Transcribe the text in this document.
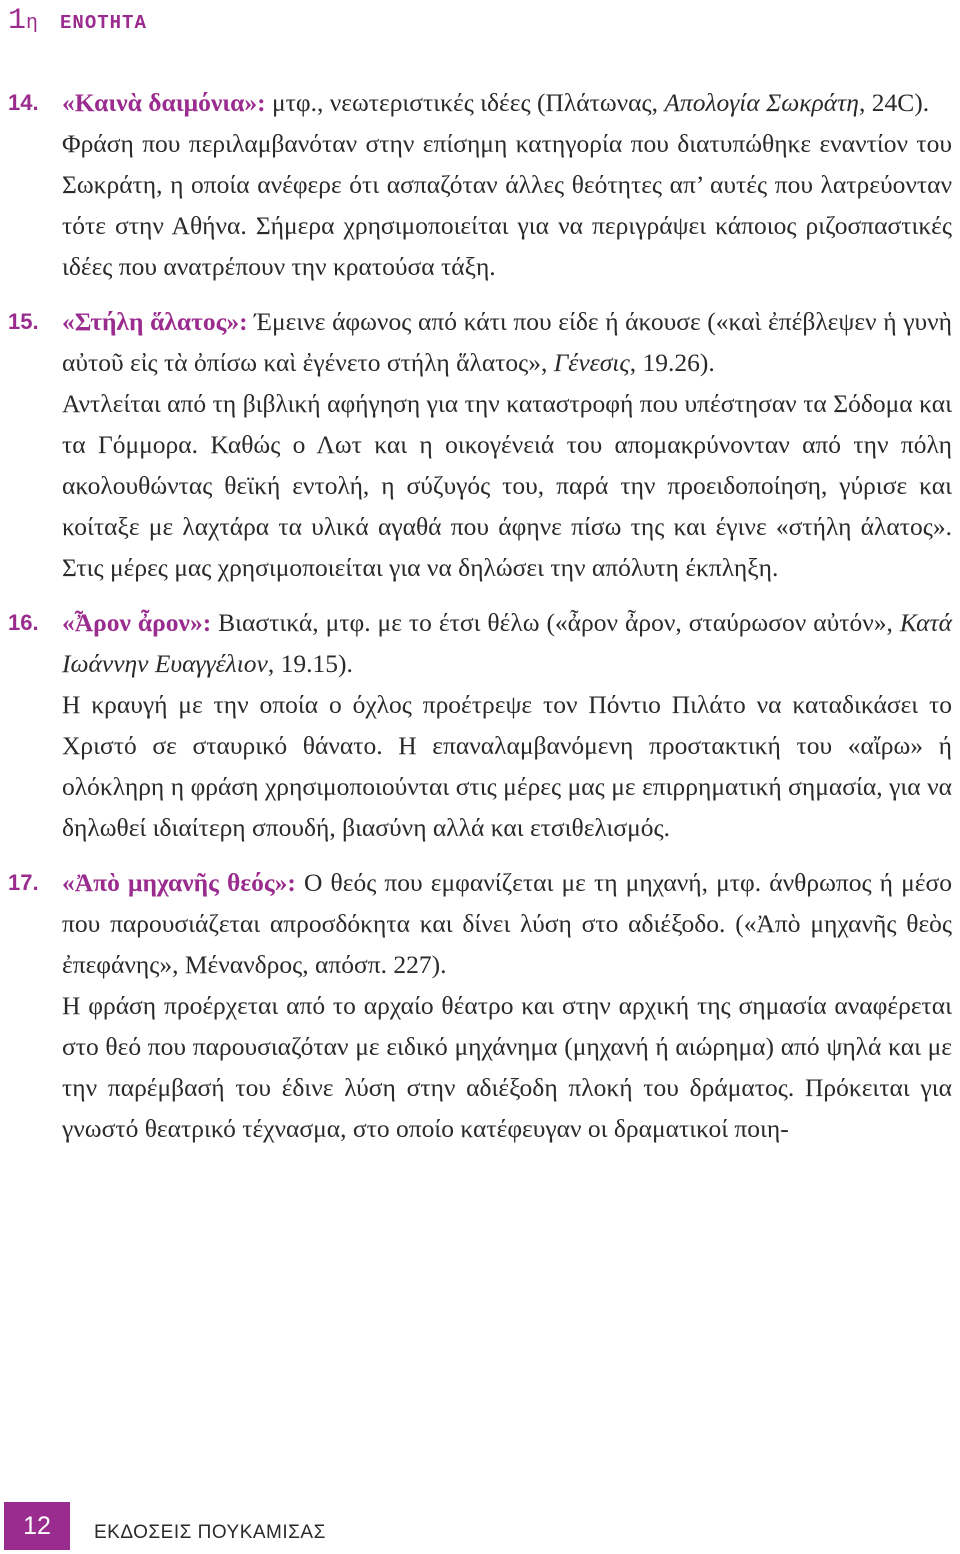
1 η ΕΝΟΤΗΤΑ
14. «Καινὰ δαιμόνια»: μτφ., νεωτεριστικές ιδέες (Πλάτωνας, Απολογία Σωκράτη, 24C).

Φράση που περιλαμβανόταν στην επίσημη κατηγορία που διατυπώθηκε εναντίον του Σωκράτη, η οποία ανέφερε ότι ασπαζόταν άλλες θεότητες απ’ αυτές που λατρεύονταν τότε στην Αθήνα. Σήμερα χρησιμοποιείται για να περιγράψει κάποιος ριζοσπαστικές ιδέες που ανατρέπουν την κρατούσα τάξη.

15. «Στήλη ἅλατος»: Έμεινε άφωνος από κάτι που είδε ή άκουσε («καὶ ἐπέβλεψεν ἡ γυνὴ αὐτοῦ εἰς τὰ ὀπίσω καὶ ἐγένετο στήλη ἅλατος», Γένεσις, 19.26).

Αντλείται από τη βιβλική αφήγηση για την καταστροφή που υπέστησαν τα Σόδομα και τα Γόμμορα. Καθώς ο Λωτ και η οικογένειά του απομακρύνονταν από την πόλη ακολουθώντας θεϊκή εντολή, η σύζυγός του, παρά την προειδοποίηση, γύρισε και κοίταξε με λαχτάρα τα υλικά αγαθά που άφηνε πίσω της και έγινε «στήλη άλατος». Στις μέρες μας χρησιμοποιείται για να δηλώσει την απόλυτη έκπληξη.

16. «Ἆρον ἆρον»: Βιαστικά, μτφ. με το έτσι θέλω («ἆρον ἆρον, σταύρωσον αὐτόν», Κατά Ιωάννην Ευαγγέλιον, 19.15).

Η κραυγή με την οποία ο όχλος προέτρεψε τον Πόντιο Πιλάτο να καταδικάσει το Χριστό σε σταυρικό θάνατο. Η επαναλαμβανόμενη προστακτική του «αἴρω» ή ολόκληρη η φράση χρησιμοποιούνται στις μέρες μας με επιρρηματική σημασία, για να δηλωθεί ιδιαίτερη σπουδή, βιασύνη αλλά και ετσιθελισμός.

17. «Ἀπὸ μηχανῆς θεός»: Ο θεός που εμφανίζεται με τη μηχανή, μτφ. άνθρωπος ή μέσο που παρουσιάζεται απροσδόκητα και δίνει λύση στο αδιέξοδο. («Ἀπὸ μηχανῆς θεὸς ἐπεφάνης», Μένανδρος, απόσπ. 227).

Η φράση προέρχεται από το αρχαίο θέατρο και στην αρχική της σημασία αναφέρεται στο θεό που παρουσιαζόταν με ειδικό μηχάνημα (μηχανή ή αιώρημα) από ψηλά και με την παρέμβασή του έδινε λύση στην αδιέξοδη πλοκή του δράματος. Πρόκειται για γνωστό θεατρικό τέχνασμα, στο οποίο κατέφευγαν οι δραματικοί ποιη-

12	ΕΚΔΟΣΕΙΣ ΠΟΥΚΑΜΙΣΑΣ
